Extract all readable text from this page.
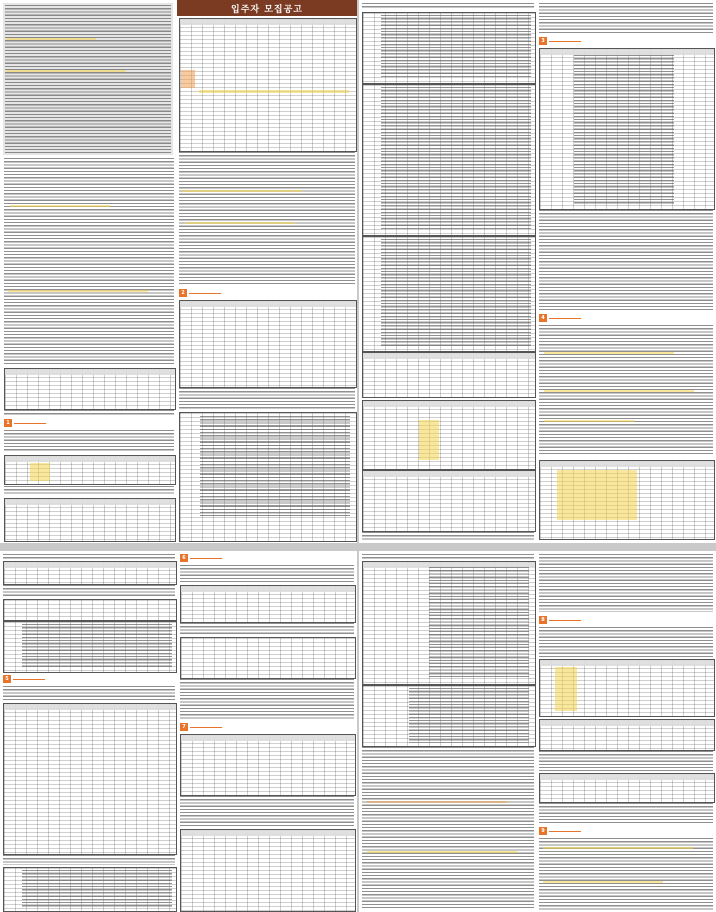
입주자 모집공고
1
2
3
4
5
6
7
8
9
